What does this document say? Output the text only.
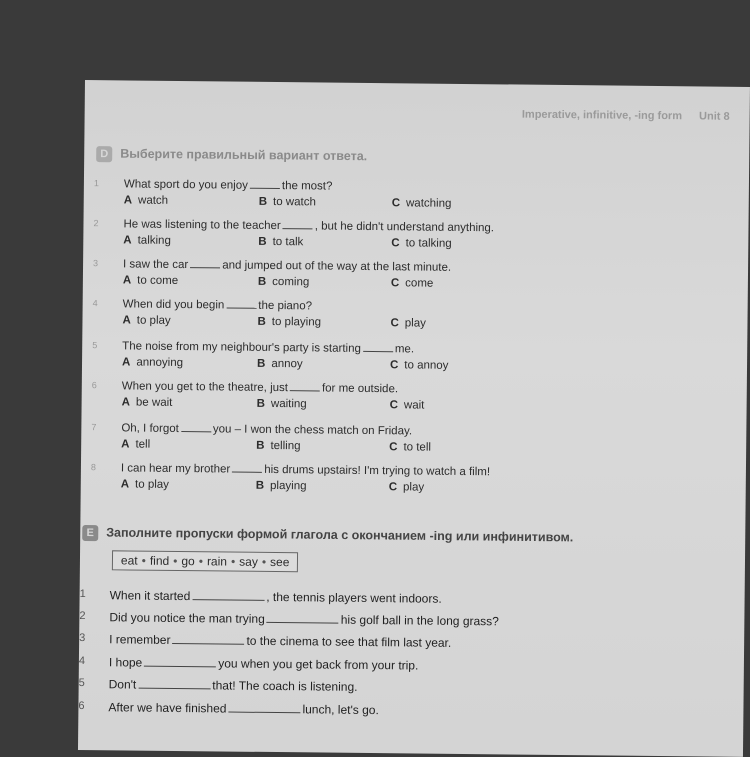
Imperative, infinitive, -ing form Unit 8
D Выберите правильный вариант ответа.
1	What sport do you enjoy	the most?
A watch	B to watch	C watching
2	He was listening to the teacher	, but he didn't understand anything.
A talking	B to talk	C to talking
3	I saw the car	and jumped out of the way at the last minute.
A to come	B coming	C come
4	When did you begin	the piano?
A to play	B to playing	C play
5	The noise from my neighbour's party is starting	me.
A annoying	B annoy	C to annoy
6	When you get to the theatre, just	for me outside.
A be wait	B waiting	C wait
7	Oh, I forgot	you – I won the chess match on Friday.
A tell	B telling	C to tell
8	I can hear my brother	his drums upstairs! I'm trying to watch a film!
A to play	B playing	C play
E Заполните пропуски формой глагола с окончанием -ing или инфинитивом.
eat • find • go • rain • say • see
1	When it started	, the tennis players went indoors.
2	Did you notice the man trying	his golf ball in the long grass?
3	I remember	to the cinema to see that film last year.
4	I hope	you when you get back from your trip.
5	Don't	that! The coach is listening.
6	After we have finished	lunch, let's go.
